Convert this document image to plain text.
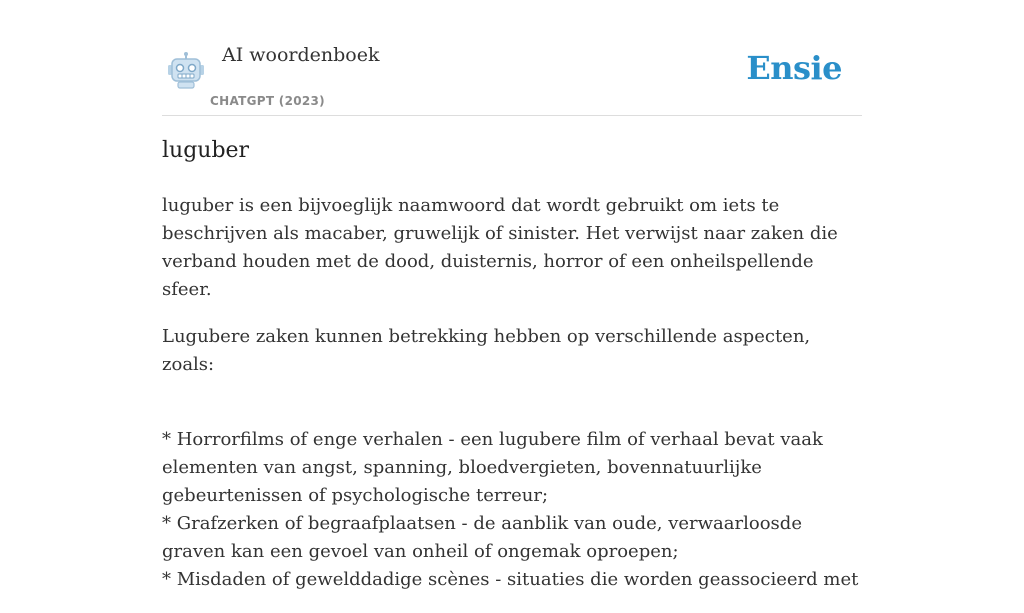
AI woordenboek
CHATGPT (2023)
Ensie
luguber

luguber is een bijvoeglijk naamwoord dat wordt gebruikt om iets te beschrijven als macaber, gruwelijk of sinister. Het verwijst naar zaken die verband houden met de dood, duisternis, horror of een onheilspellende sfeer.

Lugubere zaken kunnen betrekking hebben op verschillende aspecten, zoals:

* Horrorfilms of enge verhalen - een lugubere film of verhaal bevat vaak elementen van angst, spanning, bloedvergieten, bovennatuurlijke gebeurtenissen of psychologische terreur;
* Grafzerken of begraafplaatsen - de aanblik van oude, verwaarloosde graven kan een gevoel van onheil of ongemak oproepen;
* Misdaden of gewelddadige scènes - situaties die worden geassocieerd met
